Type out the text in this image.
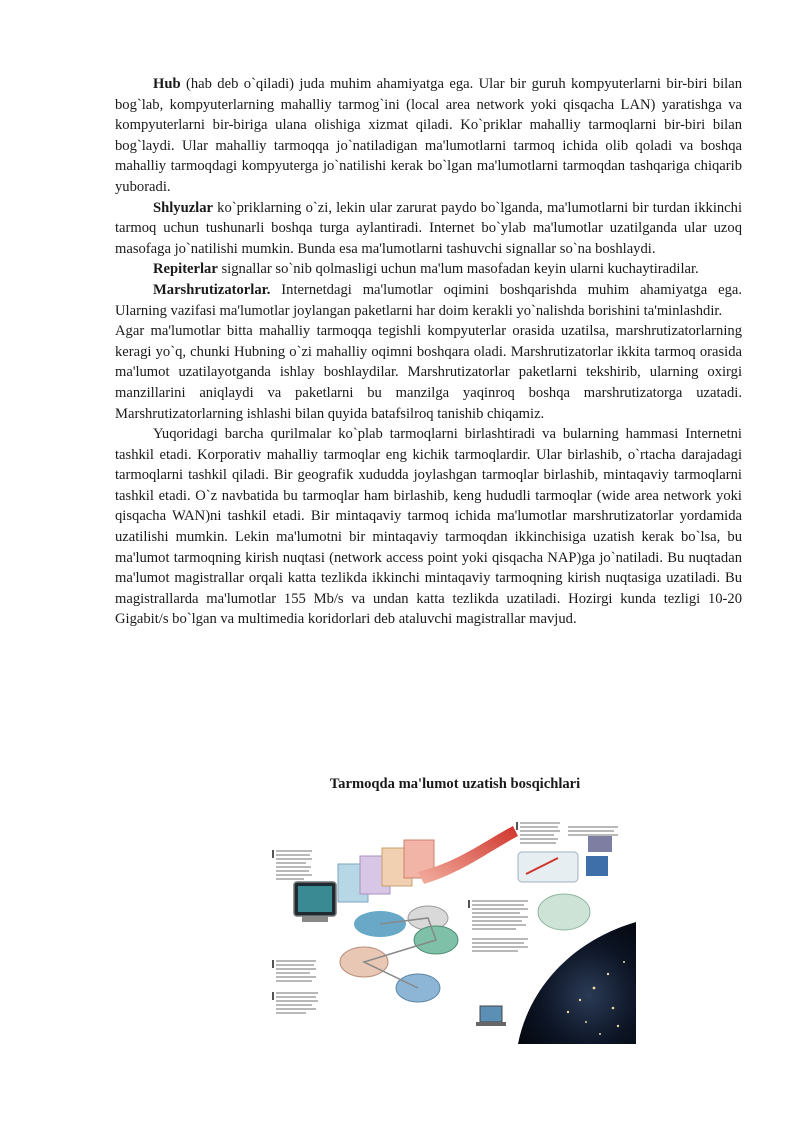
Hub (hab deb o`qiladi) juda muhim ahamiyatga ega. Ular bir guruh kompyuterlarni bir-biri bilan bog`lab, kompyuterlarning mahalliy tarmog`ini (local area network yoki qisqacha LAN) yaratishga va kompyuterlarni bir-biriga ulana olishiga xizmat qiladi. Ko`priklar mahalliy tarmoqlarni bir-biri bilan bog`laydi. Ular mahalliy tarmoqqa jo`natiladigan ma'lumotlarni tarmoq ichida olib qoladi va boshqa mahalliy tarmoqdagi kompyuterga jo`natilishi kerak bo`lgan ma'lumotlarni tarmoqdan tashqariga chiqarib yuboradi.

Shlyuzlar ko`priklarning o`zi, lekin ular zarurat paydo bo`lganda, ma'lumotlarni bir turdan ikkinchi tarmoq uchun tushunarli boshqa turga aylantiradi. Internet bo`ylab ma'lumotlar uzatilganda ular uzoq masofaga jo`natilishi mumkin. Bunda esa ma'lumotlarni tashuvchi signallar so`na boshlaydi.

Repiterlar signallar so`nib qolmasligi uchun ma'lum masofadan keyin ularni kuchaytiradilar.

Marshrutizatorlar. Internetdagi ma'lumotlar oqimini boshqarishda muhim ahamiyatga ega. Ularning vazifasi ma'lumotlar joylangan paketlarni har doim kerakli yo`nalishda borishini ta'minlashdir.

Agar ma'lumotlar bitta mahalliy tarmoqqa tegishli kompyuterlar orasida uzatilsa, marshrutizatorlarning keragi yo`q, chunki Hubning o`zi mahalliy oqimni boshqara oladi. Marshrutizatorlar ikkita tarmoq orasida ma'lumot uzatilayotganda ishlay boshlaydilar. Marshrutizatorlar paketlarni tekshirib, ularning oxirgi manzillarini aniqlaydi va paketlarni bu manzilga yaqinroq boshqa marshrutizatorga uzatadi. Marshrutizatorlarning ishlashi bilan quyida batafsilroq tanishib chiqamiz.

Yuqoridagi barcha qurilmalar ko`plab tarmoqlarni birlashtiradi va bularning hammasi Internetni tashkil etadi. Korporativ mahalliy tarmoqlar eng kichik tarmoqlardir. Ular birlashib, o`rtacha darajadagi tarmoqlarni tashkil qiladi. Bir geografik xududda joylashgan tarmoqlar birlashib, mintaqaviy tarmoqlarni tashkil etadi. O`z navbatida bu tarmoqlar ham birlashib, keng hududli tarmoqlar (wide area network yoki qisqacha WAN)ni tashkil etadi. Bir mintaqaviy tarmoq ichida ma'lumotlar marshrutizatorlar yordamida uzatilishi mumkin. Lekin ma'lumotni bir mintaqaviy tarmoqdan ikkinchisiga uzatish kerak bo`lsa, bu ma'lumot tarmoqning kirish nuqtasi (network access point yoki qisqacha NAP)ga jo`natiladi. Bu nuqtadan ma'lumot magistrallar orqali katta tezlikda ikkinchi mintaqaviy tarmoqning kirish nuqtasiga uzatiladi. Bu magistrallarda ma'lumotlar 155 Mb/s va undan katta tezlikda uzatiladi. Hozirgi kunda tezligi 10-20 Gigabit/s bo`lgan va multimedia koridorlari deb ataluvchi magistrallar mavjud.

Tarmoqda ma'lumot uzatish bosqichlari
